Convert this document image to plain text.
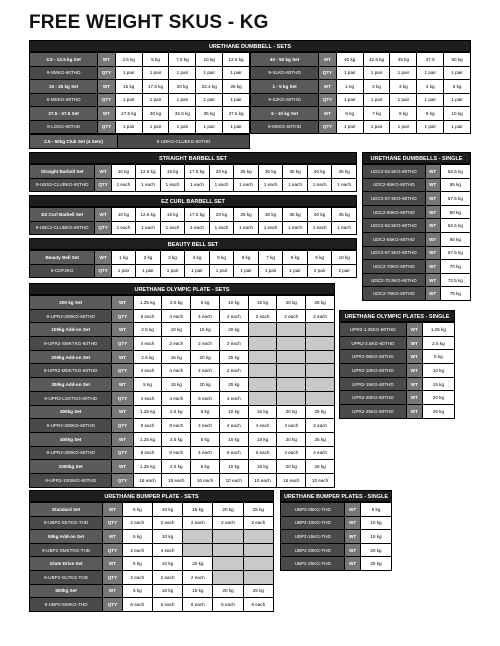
FREE WEIGHT SKUS - KG
URETHANE DUMBBELL - SETS
2.5 - 12.5 kg Set	WT	2.5 kg	5 kg	7.5 kg	10 kg	12.5 kg
9-SMKG-60THD	QTY	1 pair	1 pair	1 pair	1 pair	1 pair
15 - 25 kg Set	WT	15 kg	17.5 kg	20 kg	22.4 kg	25 kg
9-MDKG-60THD	QTY	1 pair	1 pair	1 pair	1 pair	1 pair
27.5 - 37.5 Set	WT	27.5 kg	30 kg	32.5 kg	35 kg	37.5 kg
9-LGKG-60THD	QTY	1 pair	1 pair	1 pair	1 pair	1 pair
40 - 50 kg Set	WT	40 kg	42.5 kg	45 kg	47.5	50 kg
9-XLKG-60THD	QTY	1 pair	1 pair	1 pair	1 pair	1 pair
1 - 5 kg Set	WT	1 kg	2 kg	3 kg	4 kg	5 kg
9-S2KG-60THD	QTY	1 pair	1 pair	1 pair	1 pair	1 pair
6 - 10 kg Set	WT	6 kg	7 kg	8 kg	9 kg	10 kg
9-M2KG-60THD	QTY	1 pair	1 pair	1 pair	1 pair	1 pair
2.5 - 50kg Club Set (4 Sets)	9-UDKG-CLUBKG-60THD
STRAIGHT BARBELL SET
Straight Barbell Set	WT	10 kg	12.5 kg	15 kg	17.5 kg	20 kg	25 kg	30 kg	35 kg	40 kg	45 kg
9-UBS2-CLUBKG-60THD	QTY	1 each	1 each	1 each	1 each	1 each	1 each	1 each	1 each	1 each	1 each
EZ CURL BARBELL SET
EZ Curl Barbell Set	WT	10 kg	12.5 kg	15 kg	17.5 kg	20 kg	25 kg	30 kg	35 kg	40 kg	45 kg
9-UBC2-CLUBKG-60THD	QTY	1 each	1 each	1 each	1 each	1 each	1 each	1 each	1 each	1 each	1 each
BEAUTY BELL SET
Beauty Bell Set	WT	1 kg	2 kg	3 kg	4 kg	5 kg	6 kg	7 kg	8 kg	9 kg	10 kg
9-CDF2KG	QTY	1 pair	1 pair	1 pair	1 pair	1 pair	1 pair	1 pair	1 pair	2 pair	2 pair
URETHANE DUMBBELLS - SINGLE
UDC2-52.5KG-60THD	WT	52.5 kg
UDC2-55KG-60THD	WT	55 kg
UDC2-57.5KG-60THD	WT	57.5 kg
UDC2-60KG-60THD	WT	60 kg
UDC2-62.5KG-60THD	WT	62.5 kg
UDC2-65KG-60THD	WT	65 kg
UDC2-67.5KG-60THD	WT	67.5 kg
UDC2-70KG-60THD	WT	70 kg
UDC2-72.5KG-60THD	WT	72.5 kg
UDC2-75KG-60THD	WT	75 kg
URETHANE OLYMPIC PLATE - SETS
200 kg Set	WT	1.25 kg	2.5 kg	5 kg	10 kg	15 kg	20 kg	25 kg
9-UPR2-200KG-60THD	QTY	6 each	4 each	4 each	4 each	2 each	2 each	2 each
100kg Add-on Set	WT	2.5 kg	10 kg	15 kg	20 kg			
9-UPR2-SMKTKG-60THD	QTY	4 each	2 each	2 each	2 each			
200kg Add-on Set	WT	2.5 kg	15 kg	20 kg	25 kg			
9-UPR2-MDKTKG-60THD	QTY	4 each	4 each	4 each	2 each			
300kg Add-on Set	WT	5 kg	15 kg	20 kg	25 kg			
9-UPR2-LGKTKG-60THD	QTY	4 each	4 each	6 each	4 each			
300kg Set	WT	1.25 kg	2.5 kg	5 kg	10 kg	15 kg	20 kg	25 kg
9-UPR2-300KG-60THD	QTY	6 each	8 each	4 each	4 each	4 each	4 each	2 each
400kg Set	WT	1.25 kg	2.5 kg	5 kg	10 kg	15 kg	20 kg	25 kg
9-UPR2-400KG-60THD	QTY	8 each	8 each	4 each	6 each	6 each	4 each	4 each
1000kg Set	WT	1.25 kg	2.5 kg	5 kg	10 kg	15 kg	20 kg	25 kg
9-UPR2-1000KG-60THD	QTY	16 each	16 each	16 each	10 each	10 each	16 each	10 each
URETHANE OLYMPIC PLATES - SINGLE
UPR2-1.25KG-60THD	WT	1.25 kg
UPR2-2.5KG-60THD	WT	2.5 kg
UPR2-05KG-60THD	WT	5 kg
UPR2-10KG-60THD	WT	10 kg
UPR2-15KG-60THD	WT	15 kg
UPR2-20KG-60THD	WT	20 kg
UPR2-25KG-60THD	WT	25 kg
URETHANE BUMPER PLATE - SETS
Standard Set	WT	5 kg	10 kg	15 kg	20 kg	25 kg
9-UBP2-SETKG-THD	QTY	2 each	2 each	2 each	2 each	2 each
50kg Add-on Set	WT	5 kg	10 kg			
9-UBP2-SMKTKG-THD	QTY	2 each	4 each			
Glute Drive Set	WT	5 kg	10 kg	20 kg		
9-UBP2-GLTKG-THD	QTY	2 each	2 each	2 each		
500kg Set	WT	5 kg	10 kg	15 kg	20 kg	25 kg
9-UBP2-500KG-THD	QTY	6 each	6 each	6 each	6 each	6 each
URETHANE BUMPER PLATES - SINGLE
UBP2-05KG-THD	WT	5 kg
UBP2-10KG-THD	WT	10 kg
UBP2-15KG-THD	WT	15 kg
UBP2-20KG-THD	WT	20 kg
UBP2-25KG-THD	WT	25 kg
